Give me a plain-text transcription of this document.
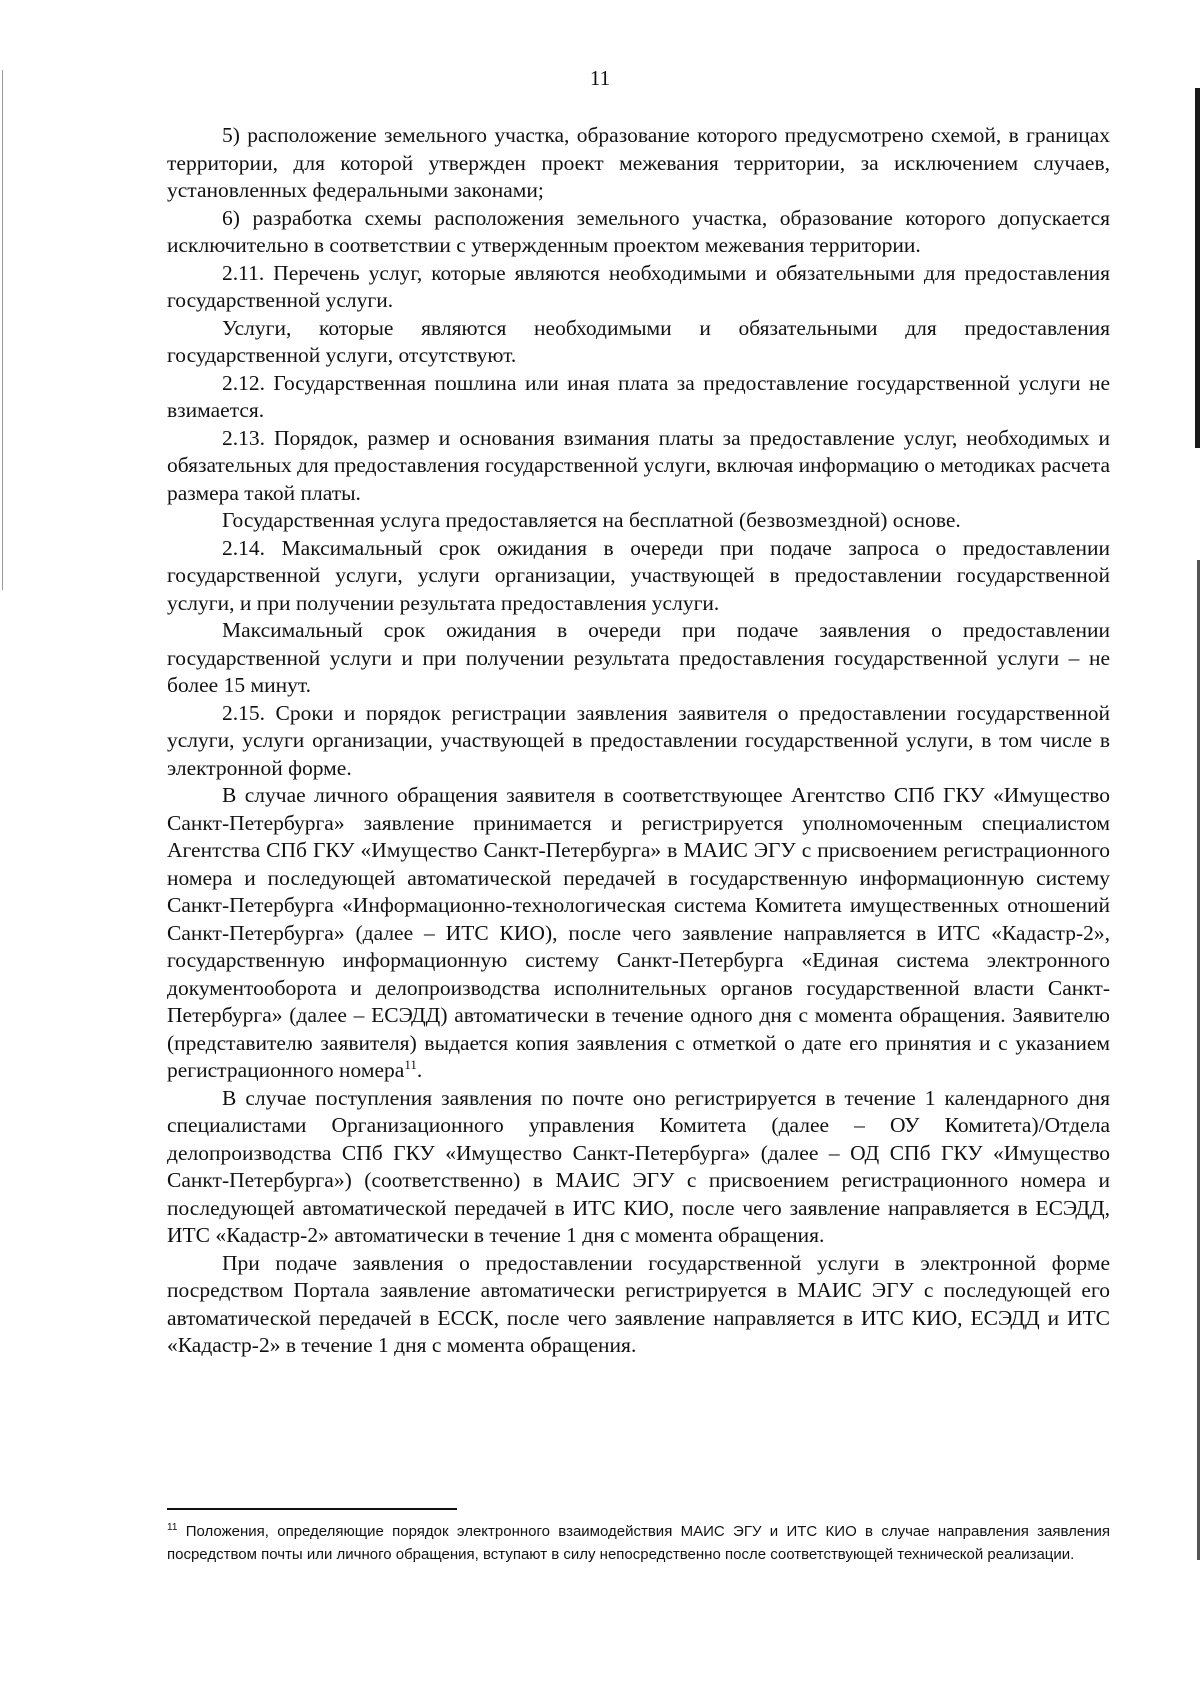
11

5) расположение земельного участка, образование которого предусмотрено схемой, в границах территории, для которой утвержден проект межевания территории, за исключением случаев, установленных федеральными законами;

6) разработка схемы расположения земельного участка, образование которого допускается исключительно в соответствии с утвержденным проектом межевания территории.

2.11. Перечень услуг, которые являются необходимыми и обязательными для предоставления государственной услуги.

Услуги, которые являются необходимыми и обязательными для предоставления государственной услуги, отсутствуют.

2.12. Государственная пошлина или иная плата за предоставление государственной услуги не взимается.

2.13. Порядок, размер и основания взимания платы за предоставление услуг, необходимых и обязательных для предоставления государственной услуги, включая информацию о методиках расчета размера такой платы.

Государственная услуга предоставляется на бесплатной (безвозмездной) основе.

2.14. Максимальный срок ожидания в очереди при подаче запроса о предоставлении государственной услуги, услуги организации, участвующей в предоставлении государственной услуги, и при получении результата предоставления услуги.

Максимальный срок ожидания в очереди при подаче заявления о предоставлении государственной услуги и при получении результата предоставления государственной услуги – не более 15 минут.

2.15. Сроки и порядок регистрации заявления заявителя о предоставлении государственной услуги, услуги организации, участвующей в предоставлении государственной услуги, в том числе в электронной форме.

В случае личного обращения заявителя в соответствующее Агентство СПб ГКУ «Имущество Санкт-Петербурга» заявление принимается и регистрируется уполномоченным специалистом Агентства СПб ГКУ «Имущество Санкт-Петербурга» в МАИС ЭГУ с присвоением регистрационного номера и последующей автоматической передачей в государственную информационную систему Санкт-Петербурга «Информационно-технологическая система Комитета имущественных отношений Санкт-Петербурга» (далее – ИТС КИО), после чего заявление направляется в ИТС «Кадастр-2», государственную информационную систему Санкт-Петербурга «Единая система электронного документооборота и делопроизводства исполнительных органов государственной власти Санкт-Петербурга» (далее – ЕСЭДД) автоматически в течение одного дня с момента обращения. Заявителю (представителю заявителя) выдается копия заявления с отметкой о дате его принятия и с указанием регистрационного номера$^{11}$.

В случае поступления заявления по почте оно регистрируется в течение 1 календарного дня специалистами Организационного управления Комитета (далее – ОУ Комитета)/Отдела делопроизводства СПб ГКУ «Имущество Санкт-Петербурга» (далее – ОД СПб ГКУ «Имущество Санкт-Петербурга») (соответственно) в МАИС ЭГУ с присвоением регистрационного номера и последующей автоматической передачей в ИТС КИО, после чего заявление направляется в ЕСЭДД, ИТС «Кадастр-2» автоматически в течение 1 дня с момента обращения.

При подаче заявления о предоставлении государственной услуги в электронной форме посредством Портала заявление автоматически регистрируется в МАИС ЭГУ с последующей его автоматической передачей в ЕССК, после чего заявление направляется в ИТС КИО, ЕСЭДД и ИТС «Кадастр-2» в течение 1 дня с момента обращения.

$^{11}$ Положения, определяющие порядок электронного взаимодействия МАИС ЭГУ и ИТС КИО в случае направления заявления посредством почты или личного обращения, вступают в силу непосредственно после соответствующей технической реализации.
